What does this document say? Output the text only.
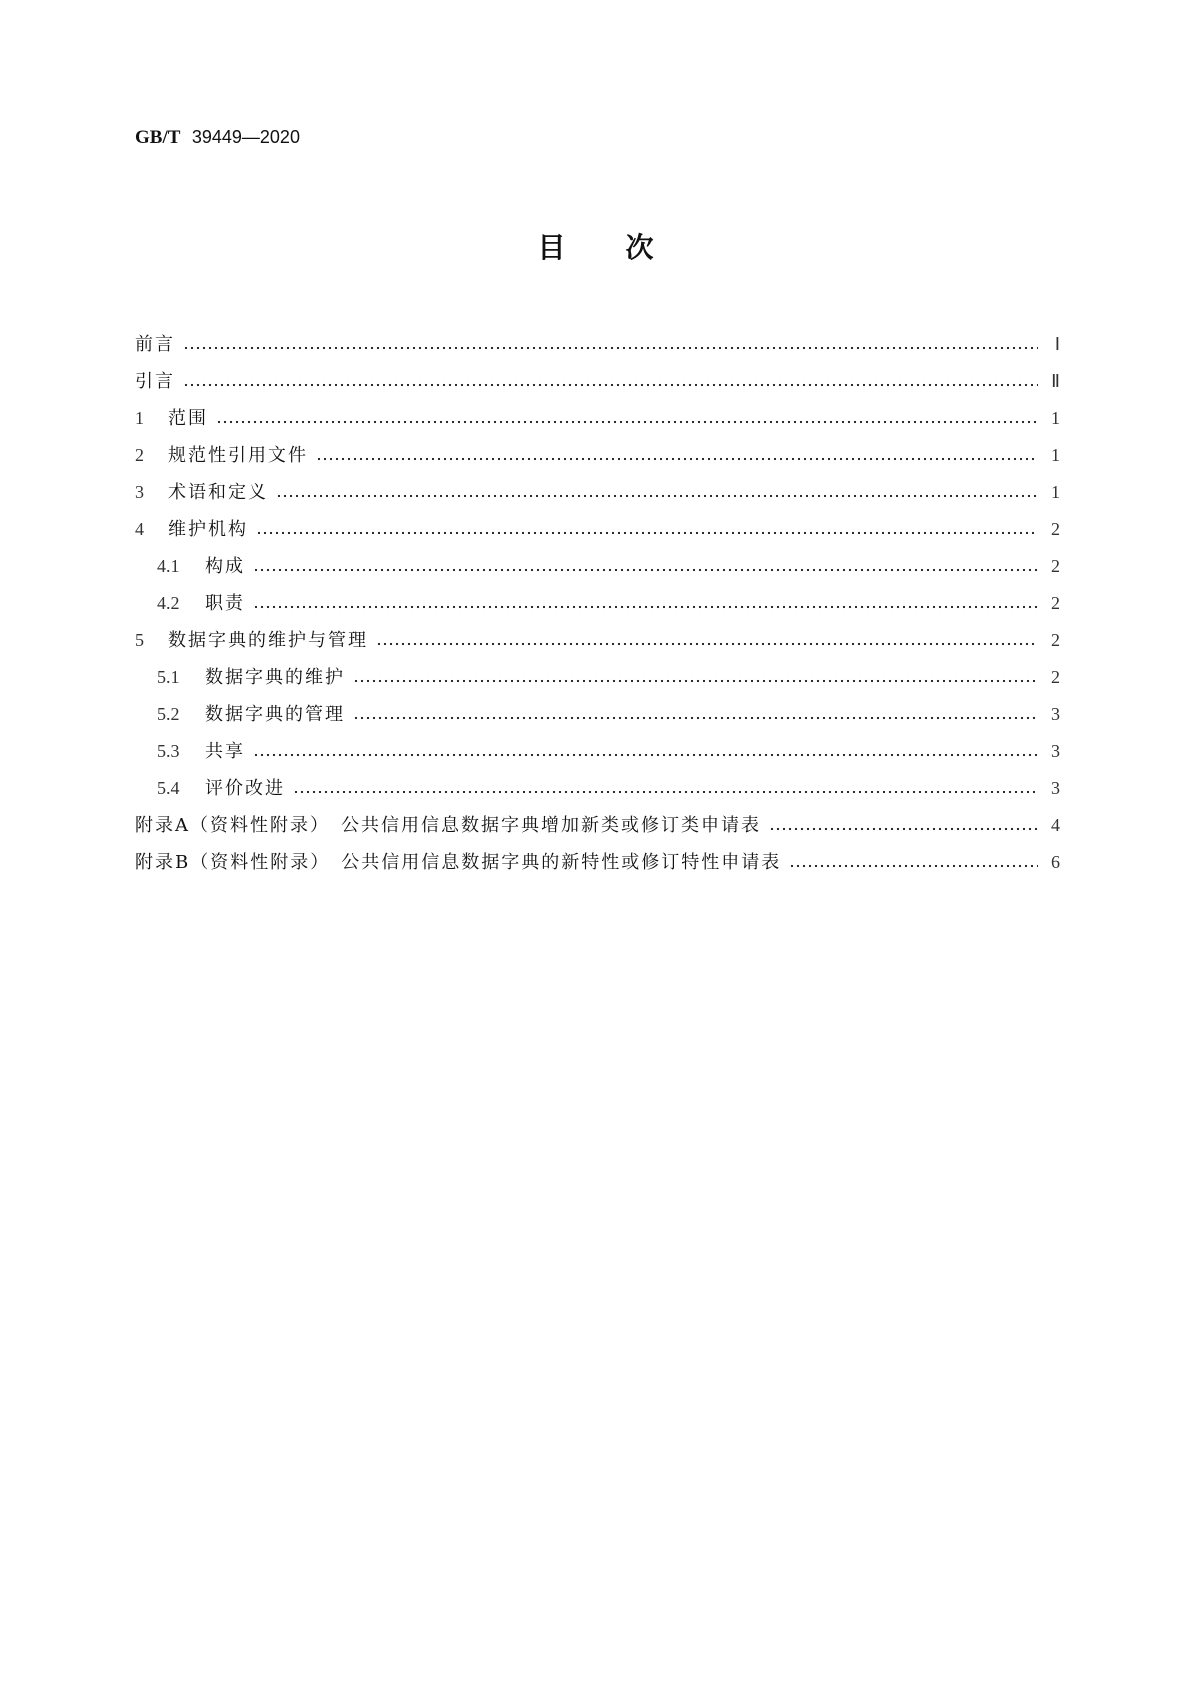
GB/T 39449—2020
目次
前言	Ⅰ
引言	Ⅱ
1	范围	1
2	规范性引用文件	1
3	术语和定义	1
4	维护机构	2
4.1	构成	2
4.2	职责	2
5	数据字典的维护与管理	2
5.1	数据字典的维护	2
5.2	数据字典的管理	3
5.3	共享	3
5.4	评价改进	3
附录A（资料性附录）　公共信用信息数据字典增加新类或修订类申请表	4
附录B（资料性附录）　公共信用信息数据字典的新特性或修订特性申请表	6
